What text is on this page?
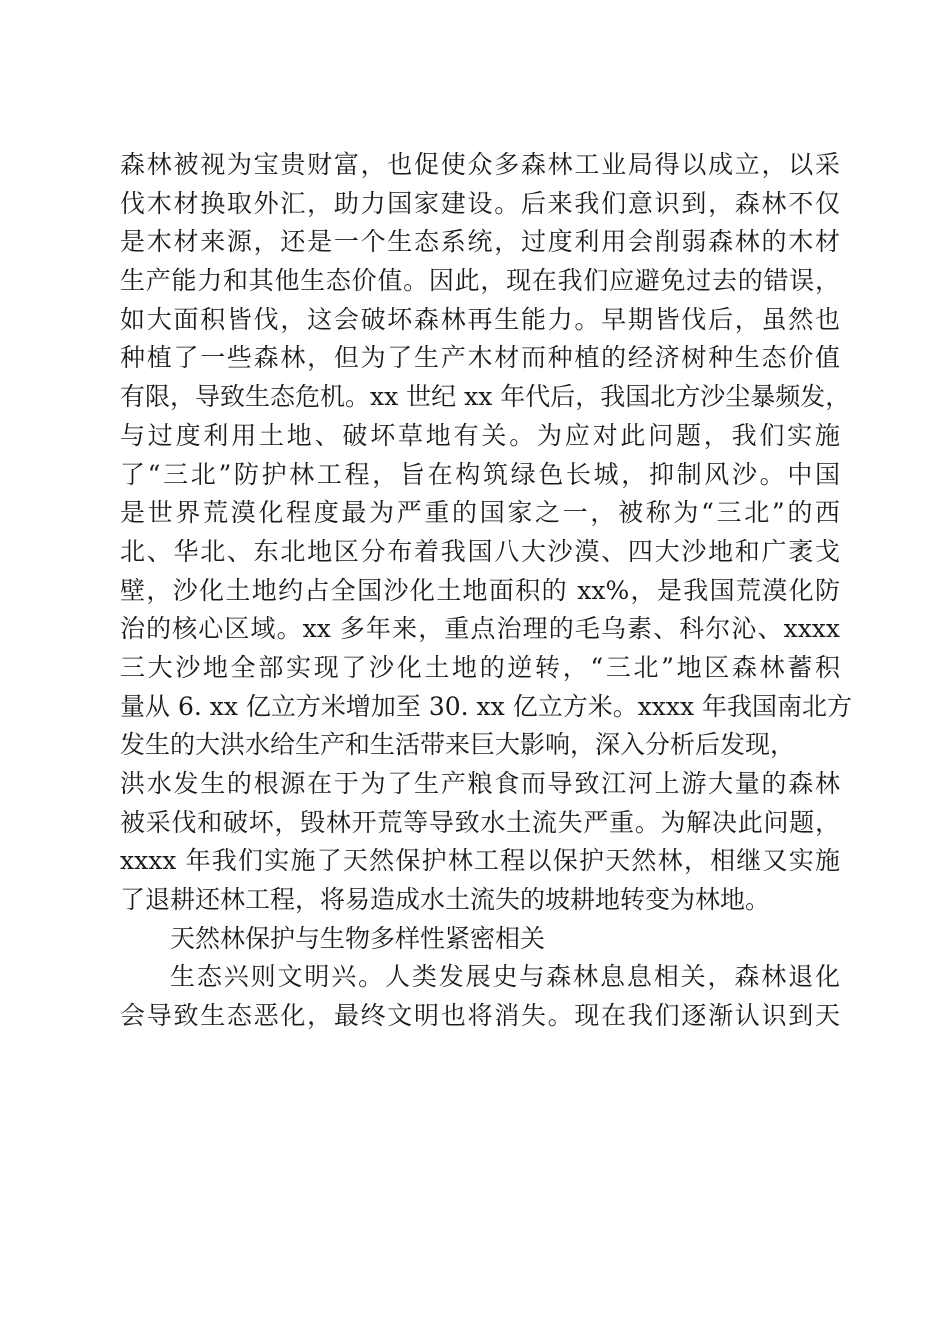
森林被视为宝贵财富，也促使众多森林工业局得以成立，以采
伐木材换取外汇，助力国家建设。后来我们意识到，森林不仅
是木材来源，还是一个生态系统，过度利用会削弱森林的木材
生产能力和其他生态价值。因此，现在我们应避免过去的错误，
如大面积皆伐，这会破坏森林再生能力。早期皆伐后，虽然也
种植了一些森林，但为了生产木材而种植的经济树种生态价值
有限，导致生态危机。xx 世纪 xx 年代后，我国北方沙尘暴频发，
与过度利用土地、破坏草地有关。为应对此问题，我们实施
了“三北”防护林工程，旨在构筑绿色长城，抑制风沙。中国
是世界荒漠化程度最为严重的国家之一，被称为“三北”的西
北、华北、东北地区分布着我国八大沙漠、四大沙地和广袤戈
壁，沙化土地约占全国沙化土地面积的 xx%，是我国荒漠化防
治的核心区域。xx 多年来，重点治理的毛乌素、科尔沁、xxxx
三大沙地全部实现了沙化土地的逆转，“三北”地区森林蓄积
量从 6. xx 亿立方米增加至 30. xx 亿立方米。xxxx 年我国南北方
发生的大洪水给生产和生活带来巨大影响，深入分析后发现，
洪水发生的根源在于为了生产粮食而导致江河上游大量的森林
被采伐和破坏，毁林开荒等导致水土流失严重。为解决此问题，
xxxx 年我们实施了天然保护林工程以保护天然林，相继又实施
了退耕还林工程，将易造成水土流失的坡耕地转变为林地。
天然林保护与生物多样性紧密相关
生态兴则文明兴。人类发展史与森林息息相关，森林退化
会导致生态恶化，最终文明也将消失。现在我们逐渐认识到天
